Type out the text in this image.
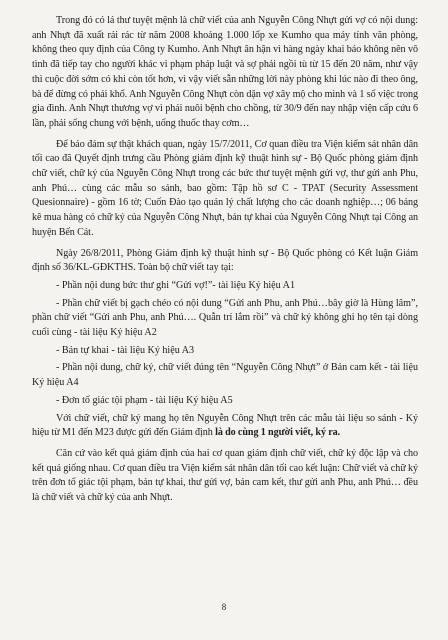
Trong đó có lá thư tuyệt mệnh là chữ viết của anh Nguyễn Công Nhựt gửi vợ có nội dung: anh Nhựt đã xuất rải rác từ năm 2008 khoảng 1.000 lốp xe Kumho qua máy tính văn phòng, không theo quy định của Công ty Kumho. Anh Nhựt ân hận vì hàng ngày khai báo không nên vô tình đã tiếp tay cho người khác vi phạm pháp luật và sợ phải ngồi tù từ 15 đến 20 năm, như vậy thì cuộc đời sớm có khi còn tốt hơn, vì vậy viết sẵn những lời này phòng khi lúc nào đi theo ông, bà để đừng có phải khổ. Anh Nguyễn Công Nhựt còn dặn vợ xây mộ cho mình và 1 số việc trong gia đình. Anh Nhựt thương vợ vì phải nuôi bệnh cho chồng, từ 30/9 đến nay nhập viện cấp cứu 6 lần, phải sống chung với bệnh, uống thuốc thay cơm…

Để bảo đảm sự thật khách quan, ngày 15/7/2011, Cơ quan điều tra Viện kiểm sát nhân dân tối cao đã Quyết định trưng cầu Phòng giám định kỹ thuật hình sự - Bộ Quốc phòng giám định chữ viết, chữ ký của Nguyễn Công Nhựt trong các bức thư tuyệt mệnh gửi vợ, thư gửi anh Phu, anh Phú… cùng các mẫu so sánh, bao gồm: Tập hồ sơ C - TPAT (Security Assessment Quesionnaire) - gồm 16 tờ; Cuốn Đào tạo quản lý chất lượng cho các doanh nghiệp…; 06 bảng kê mua hàng có chữ ký của Nguyễn Công Nhựt, bản tự khai của Nguyễn Công Nhựt tại Công an huyện Bến Cát.

Ngày 26/8/2011, Phòng Giám định kỹ thuật hình sự - Bộ Quốc phòng có Kết luận Giám định số 36/KL-GĐKTHS. Toàn bộ chữ viết tay tại:

- Phần nội dung bức thư ghi “Gửi vợ!”- tài liệu Ký hiệu A1

- Phần chữ viết bị gạch chéo có nội dung “Gửi anh Phu, anh Phú…bây giờ là Hùng lâm”, phần chữ viết “Gửi anh Phu, anh Phú…. Quẫn trí lắm rồi” và chữ ký không ghi họ tên tại dòng cuối cùng - tài liệu Ký hiệu A2

- Bản tự khai - tài liệu Ký hiệu A3

- Phần nội dung, chữ ký, chữ viết đúng tên “Nguyễn Công Nhựt” ở Bản cam kết - tài liệu Ký hiệu A4

- Đơn tố giác tội phạm - tài liệu Ký hiệu A5

Với chữ viết, chữ ký mang họ tên Nguyễn Công Nhựt trên các mẫu tài liệu so sánh - Ký hiệu từ M1 đến M23 được gửi đến Giám định là do cùng 1 người viết, ký ra.

Căn cứ vào kết quả giám định của hai cơ quan giám định chữ viết, chữ ký độc lập và cho kết quả giống nhau. Cơ quan điều tra Viện kiểm sát nhân dân tối cao kết luận: Chữ viết và chữ ký trên đơn tố giác tội phạm, bản tự khai, thư gửi vợ, bản cam kết, thư gửi anh Phu, anh Phú… đều là chữ viết và chữ ký của anh Nhựt.

8
